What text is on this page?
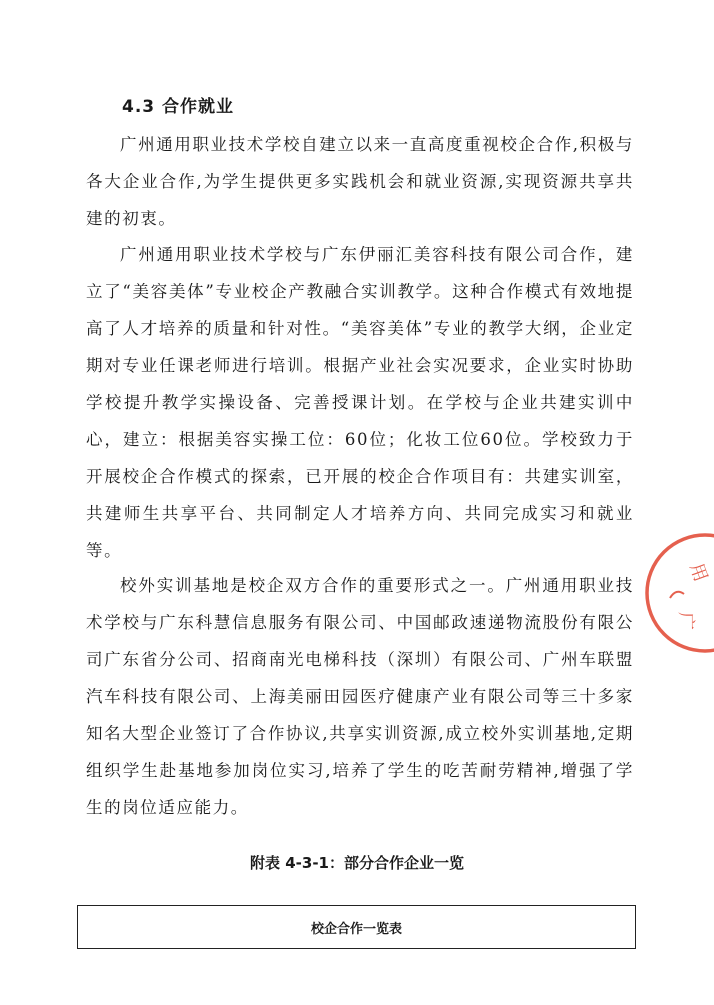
4.3 合作就业

广州通用职业技术学校自建立以来一直高度重视校企合作,积极与各大企业合作,为学生提供更多实践机会和就业资源,实现资源共享共建的初衷。

广州通用职业技术学校与广东伊丽汇美容科技有限公司合作，建立了“美容美体”专业校企产教融合实训教学。这种合作模式有效地提高了人才培养的质量和针对性。“美容美体”专业的教学大纲，企业定期对专业任课老师进行培训。根据产业社会实况要求，企业实时协助学校提升教学实操设备、完善授课计划。在学校与企业共建实训中心，建立：根据美容实操工位：60位；化妆工位60位。学校致力于开展校企合作模式的探索，已开展的校企合作项目有：共建实训室，共建师生共享平台、共同制定人才培养方向、共同完成实习和就业等。

校外实训基地是校企双方合作的重要形式之一。广州通用职业技术学校与广东科慧信息服务有限公司、中国邮政速递物流股份有限公司广东省分公司、招商南光电梯科技（深圳）有限公司、广州车联盟汽车科技有限公司、上海美丽田园医疗健康产业有限公司等三十多家知名大型企业签订了合作协议,共享实训资源,成立校外实训基地,定期组织学生赴基地参加岗位实习,培养了学生的吃苦耐劳精神,增强了学生的岗位适应能力。

附表 4-3-1：部分合作企业一览

校企合作一览表
用
广
